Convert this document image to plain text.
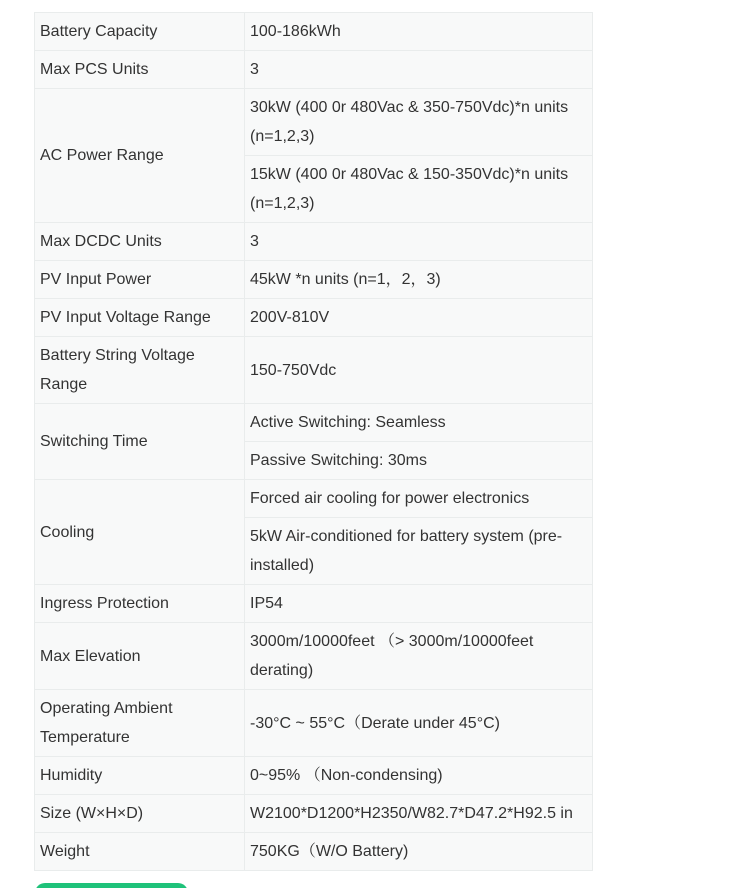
Battery Capacity	100-186kWh
Max PCS Units	3
AC Power Range	30kW (400 0r 480Vac & 350-750Vdc)*n units (n=1,2,3)
	15kW (400 0r 480Vac & 150-350Vdc)*n units (n=1,2,3)
Max DCDC Units	3
PV Input Power	45kW *n units (n=1，2，3)
PV Input Voltage Range	200V-810V
Battery String Voltage Range	150-750Vdc
Switching Time	Active Switching: Seamless
	Passive Switching: 30ms
Cooling	Forced air cooling for power electronics
	5kW Air-conditioned for battery system (pre-installed)
Ingress Protection	IP54
Max Elevation	3000m/10000feet （> 3000m/10000feet derating)
Operating Ambient Temperature	-30°C ~ 55°C（Derate under 45°C)
Humidity	0~95% （Non-condensing)
Size (W×H×D)	W2100*D1200*H2350/W82.7*D47.2*H92.5 in
Weight	750KG（W/O Battery)
